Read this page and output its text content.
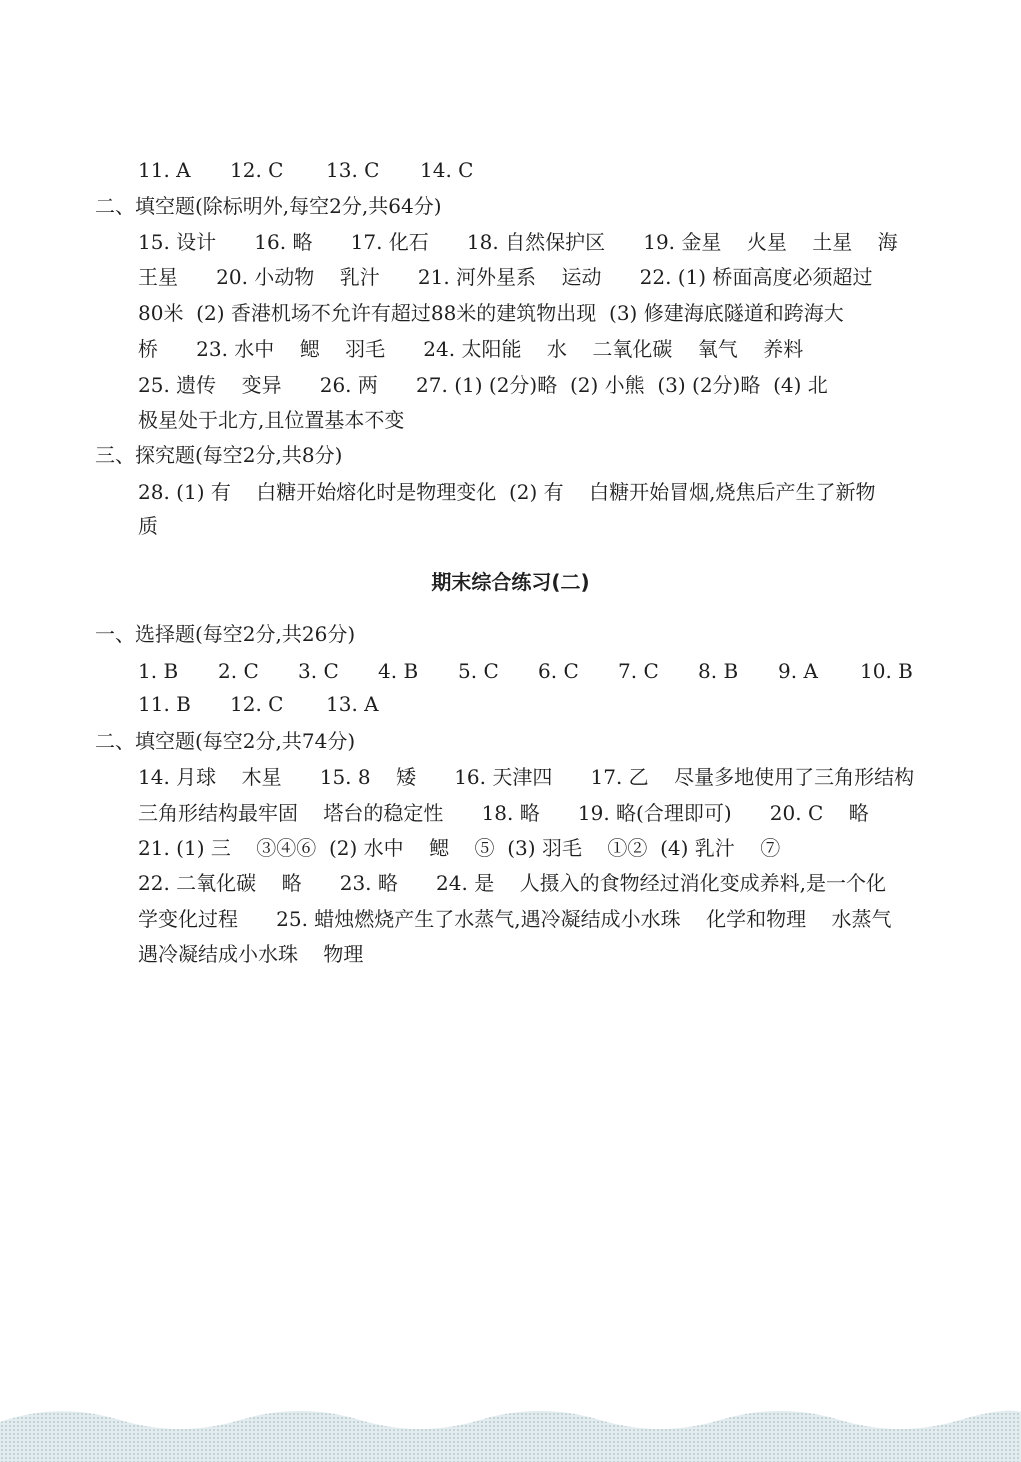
11. A 12. C 13. C 14. C
二、填空题(除标明外,每空2分,共64分)
15. 设计      16. 略      17. 化石      18. 自然保护区      19. 金星    火星    土星    海
王星      20. 小动物    乳汁      21. 河外星系    运动      22. (1) 桥面高度必须超过
80米  (2) 香港机场不允许有超过88米的建筑物出现  (3) 修建海底隧道和跨海大
桥      23. 水中    鳃    羽毛      24. 太阳能    水    二氧化碳    氧气    养料
25. 遗传    变异      26. 两      27. (1) (2分)略  (2) 小熊  (3) (2分)略  (4) 北
极星处于北方,且位置基本不变
三、探究题(每空2分,共8分)
28. (1) 有    白糖开始熔化时是物理变化  (2) 有    白糖开始冒烟,烧焦后产生了新物
质
期末综合练习(二)
一、选择题(每空2分,共26分)
1. B 2. C 3. C 4. B 5. C 6. C 7. C 8. B 9. A 10. B
11. B 12. C 13. A
二、填空题(每空2分,共74分)
14. 月球    木星      15. 8    矮      16. 天津四      17. 乙    尽量多地使用了三角形结构
三角形结构最牢固    塔台的稳定性      18. 略      19. 略(合理即可)      20. C    略
21. (1) 三    ③④⑥  (2) 水中    鳃    ⑤  (3) 羽毛    ①②  (4) 乳汁    ⑦
22. 二氧化碳    略      23. 略      24. 是    人摄入的食物经过消化变成养料,是一个化
学变化过程      25. 蜡烛燃烧产生了水蒸气,遇冷凝结成小水珠    化学和物理    水蒸气
遇冷凝结成小水珠    物理
